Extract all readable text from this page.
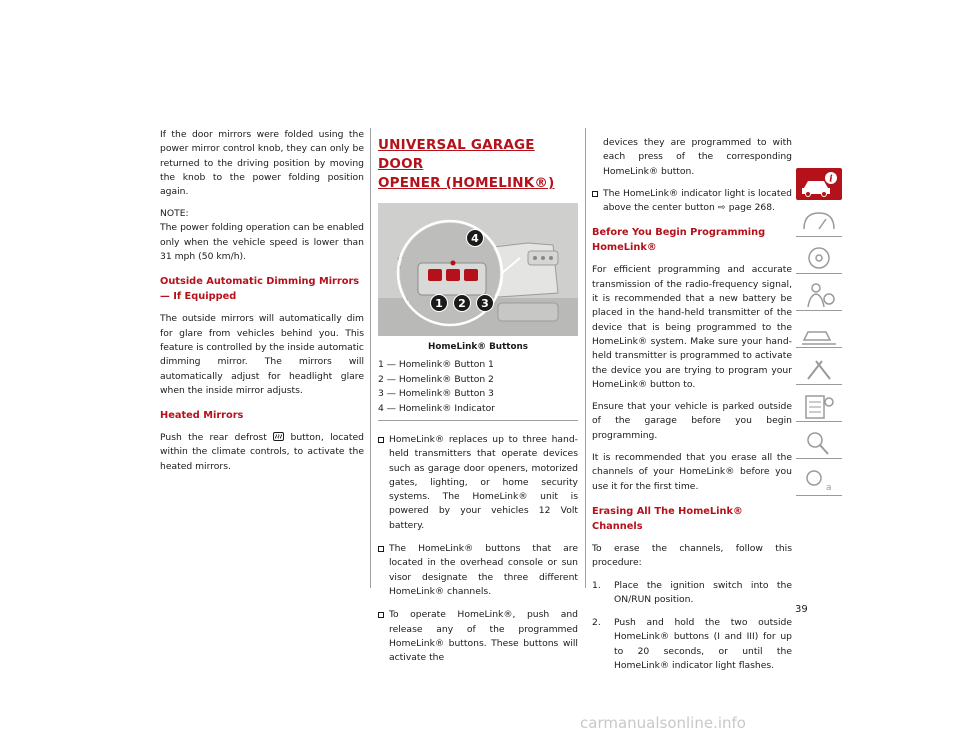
If the door mirrors were folded using the power mirror control knob, they can only be returned to the driving position by moving the knob to the power folding position again.

NOTE:

The power folding operation can be enabled only when the vehicle speed is lower than 31 mph (50 km/h).

Outside Automatic Dimming Mirrors — If Equipped

The outside mirrors will automatically dim for glare from vehicles behind you. This feature is controlled by the inside automatic dimming mirror. The mirrors will automatically adjust for headlight glare when the inside mirror adjusts.

Heated Mirrors

Push the rear defrost	button, located within the climate controls, to activate the heated mirrors.

UNIVERSAL GARAGE DOOR
OPENER (HOMELINK®)
1	2	3
4
HomeLink® Buttons
1 — Homelink® Button 1
2 — Homelink® Button 2
3 — Homelink® Button 3
4 — Homelink® Indicator
HomeLink® replaces up to three hand-held transmitters that operate devices such as garage door openers, motorized gates, lighting, or home security systems. The HomeLink® unit is powered by your vehicles 12 Volt battery.
The HomeLink® buttons that are located in the overhead console or sun visor designate the three different HomeLink® channels.
To operate HomeLink®, push and release any of the programmed HomeLink® buttons. These buttons will activate the

devices they are programmed to with each press of the corresponding HomeLink® button.

The HomeLink® indicator light is located above the center button ⇨ page 268.
Before You Begin Programming HomeLink®

For efficient programming and accurate transmission of the radio-frequency signal, it is recommended that a new battery be placed in the hand-held transmitter of the device that is being programmed to the HomeLink® system. Make sure your hand-held transmitter is programmed to activate the device you are trying to program your HomeLink® button to.

Ensure that your vehicle is parked outside of the garage before you begin programming.

It is recommended that you erase all the channels of your HomeLink® before you use it for the first time.

Erasing All The HomeLink® Channels

To erase the channels, follow this procedure:

1.	Place the ignition switch into the ON/RUN position.
2.	Push and hold the two outside HomeLink® buttons (I and III) for up to 20 seconds, or until the HomeLink® indicator light flashes.
i
a
39
carmanualsonline.info
